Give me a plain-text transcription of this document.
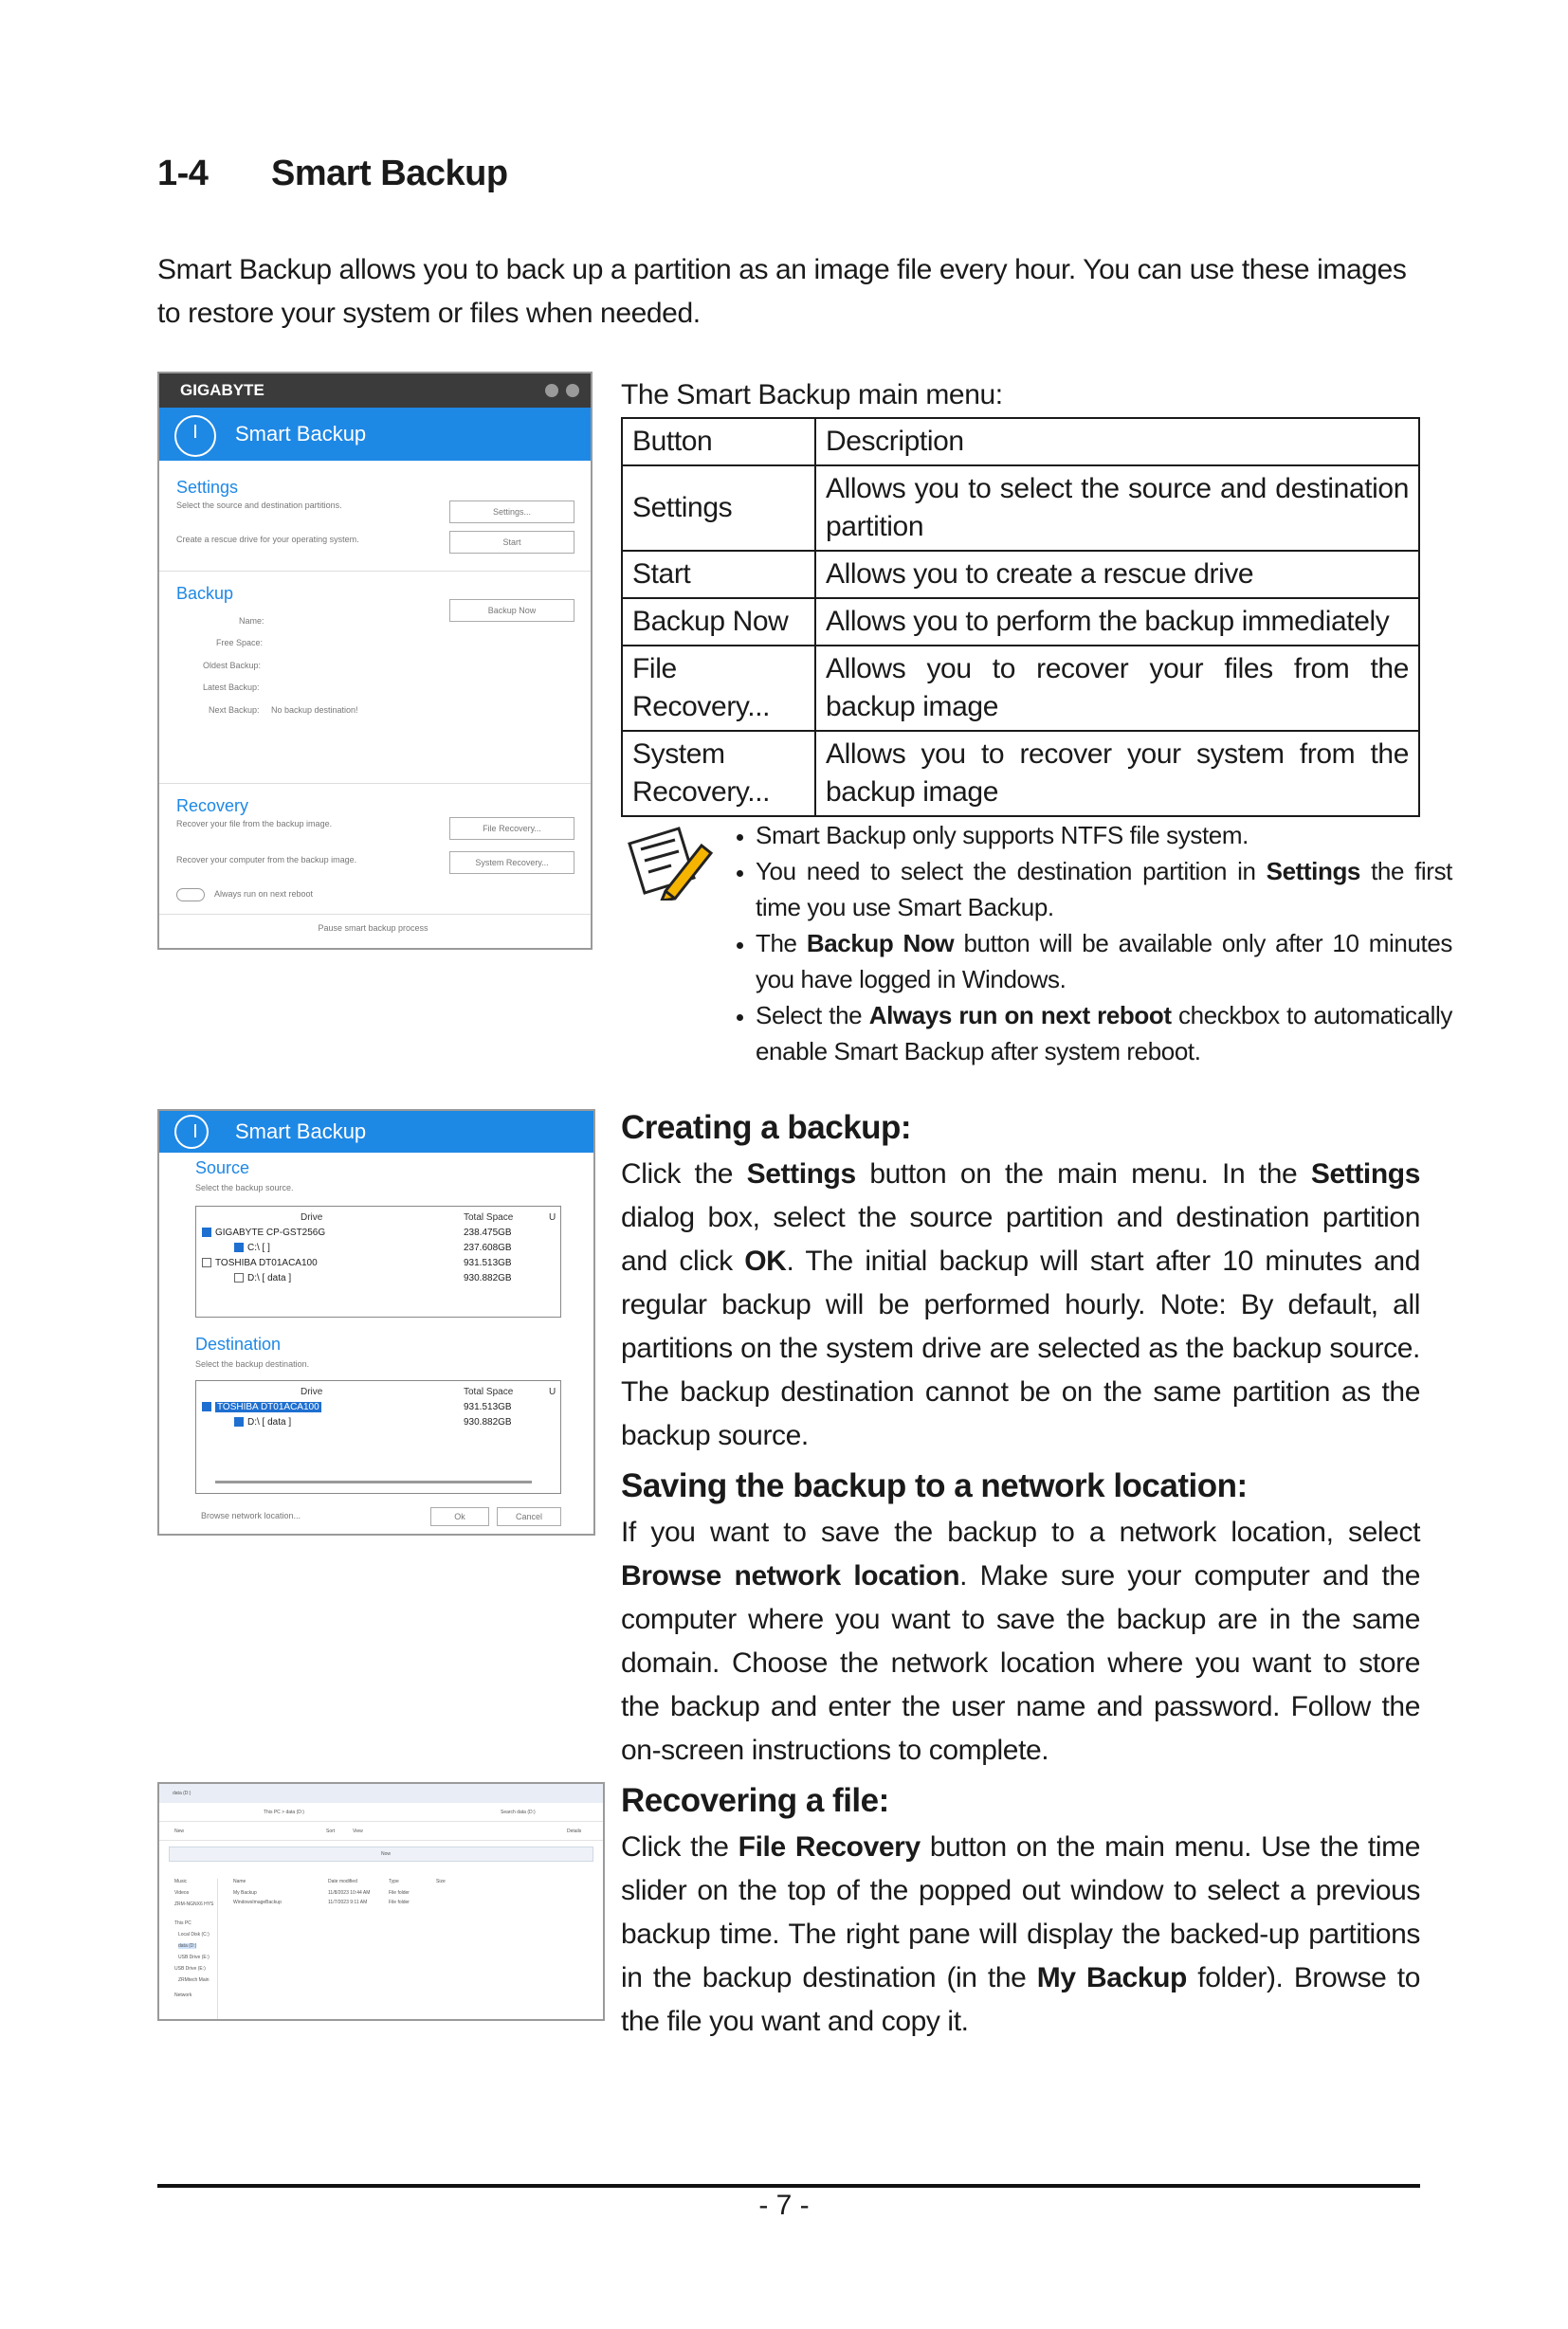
1-4 Smart Backup
Smart Backup allows you to back up a partition as an image file every hour. You can use these images to restore your system or files when needed.
GIGABYTE
Smart Backup
Settings
Select the source and destination partitions.
Settings...
Create a rescue drive for your operating system.	Start
Backup
Backup Now
Name:
Free Space:
Oldest Backup:
Latest Backup:
Next Backup: No backup destination!
Recovery
Recover your file from the backup image.	File Recovery...
Recover your computer from the backup image.	System Recovery...
Always run on next reboot
Pause smart backup process
The Smart Backup main menu:
Button	Description
Settings	Allows you to select the source and destination partition
Start	Allows you to create a rescue drive
Backup Now	Allows you to perform the backup immediately
File Recovery...	Allows you to recover your files from the backup image
System Recovery...	Allows you to recover your system from the backup image
• Smart Backup only supports NTFS file system.
• You need to select the destination partition in Settings the first time you use Smart Backup.
• The Backup Now button will be available only after 10 minutes you have logged in Windows.
• Select the Always run on next reboot checkbox to automatically enable Smart Backup after system reboot.
Smart Backup
Source
Select the backup source.
Drive	Total Space	U
GIGABYTE CP-GST256G	238.475GB
C:\ [ ]	237.608GB
TOSHIBA DT01ACA100	931.513GB
D:\ [ data ]	930.882GB
Destination
Select the backup destination.
Drive	Total Space	U
TOSHIBA DT01ACA100	931.513GB
D:\ [ data ]	930.882GB
Browse network location...	Ok	Cancel
Creating a backup:
Click the Settings button on the main menu. In the Settings dialog box, select the source partition and destination partition and click OK. The initial backup will start after 10 minutes and regular backup will be performed hourly. Note: By default, all partitions on the system drive are selected as the backup source. The backup destination cannot be on the same partition as the backup source.
Saving the backup to a network location:
If you want to save the backup to a network location, select Browse network location. Make sure your computer and the computer where you want to save the backup are in the same domain. Choose the network location where you want to store the backup and enter the user name and password. Follow the on-screen instructions to complete.
Recovering a file:
Click the File Recovery button on the main menu. Use the time slider on the top of the popped out window to select a previous backup time. The right pane will display the backed-up partitions in the backup destination (in the My Backup folder). Browse to the file you want and copy it.
data (D:)
This PC > data (D:)	Search data (D:)
New	Sort	View	Details
Now
Music
Videos
ZRM-NGNX6 HYS
This PC
Local Disk (C:)
data (D:)
USB Drive (E:)
USB Drive (E:)
ZRMtech Main
Network
Name	Date modified	Type	Size
My Backup	11/8/2023 10:44 AM	File folder
WindowsImageBackup	11/7/2023 9:11 AM	File folder
- 7 -
